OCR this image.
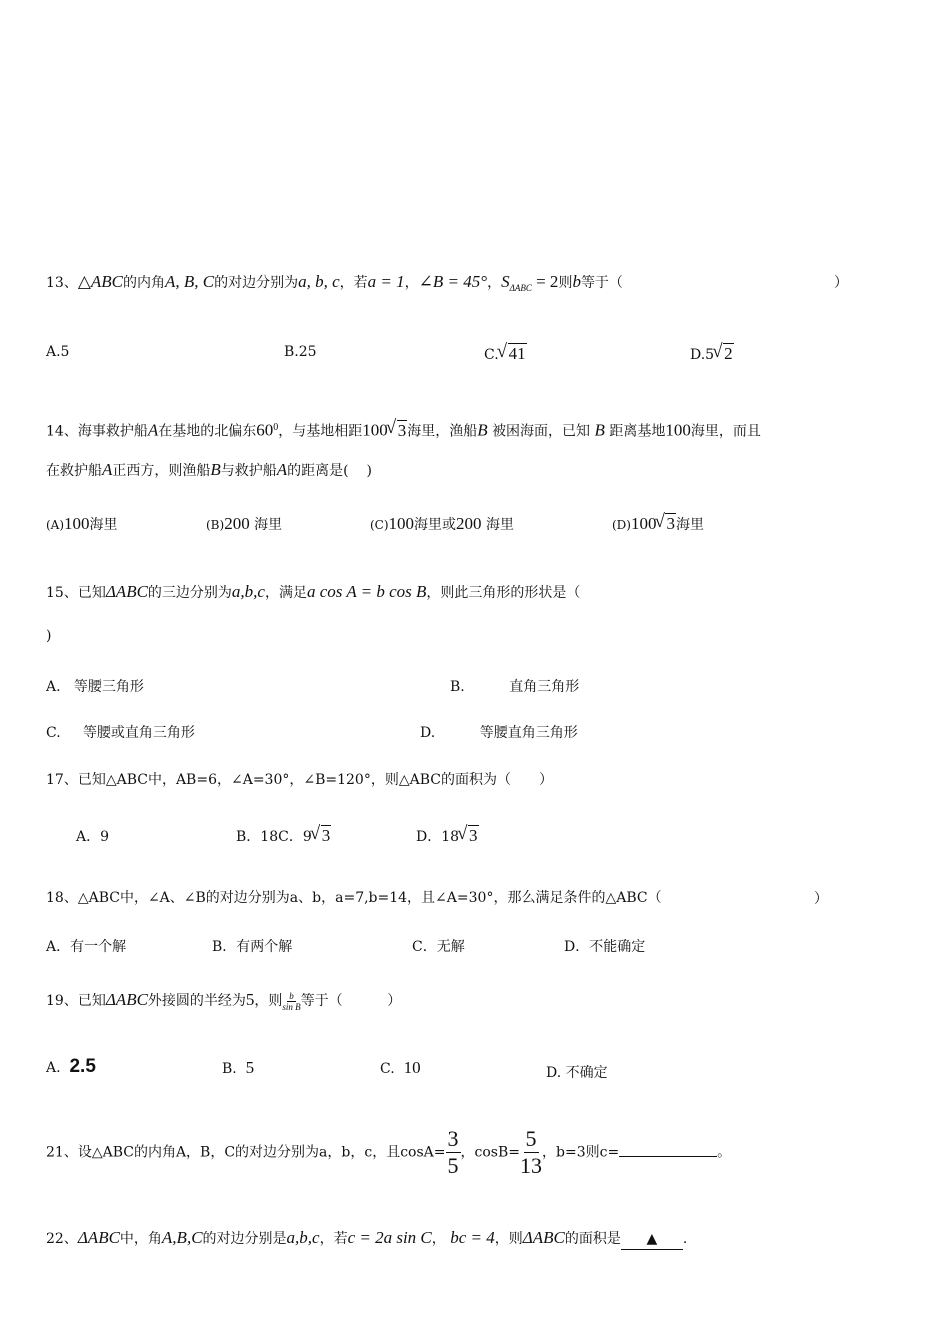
13、△ABC的内角A, B, C的对边分别为a, b, c，若a = 1，∠B = 45°，$S_{\Delta ABC} = 2$则b等于（	）
A.5	B.25	C. √ 41	D.5 √ 2
14、海事救护船A在基地的北偏东$60^0$，与基地相距100 √ 3海里，渔船B 被困海面，已知 B 距离基地100海里，而且
在救护船A正西方，则渔船B与救护船A的距离是( )
(A)100海里	(B)200 海里	(C)100海里或200 海里	(D)100 √ 3海里
15、已知ΔABC的三边分别为a,b,c，满足a cos A = b cos B，则此三角形的形状是（
)
A. 等腰三角形	B.	直角三角形
C. 等腰或直角三角形	D.	等腰直角三角形
17、已知△ABC中，AB=6，∠A=30°，∠B=120°，则△ABC的面积为（　　）
A．9	B．18C．9 √ 3	D．18 √ 3
18、△ABC中，∠A、∠B的对边分别为a、b，a=7,b=14，且∠A=30°，那么满足条件的△ABC（	）
A．有一个解	B．有两个解	C．无解	D．不能确定
19、已知ΔABC外接圆的半经为5，则 $\frac{b}{\text{sin B}}$ 等于（	）
A. 2.5	B. 5	C. 10	D. 不确定
21、设△ABC的内角A，B，C的对边分别为a，b，c，且$\cos A= \frac{3}{5}$ ，$\cos B= \frac{5}{13}$ ，b=3则c=	。
22、ΔABC中，角A,B,C的对边分别是a,b,c，若c = 2a sin C， bc = 4，则ΔABC的面积是 ▲ .
